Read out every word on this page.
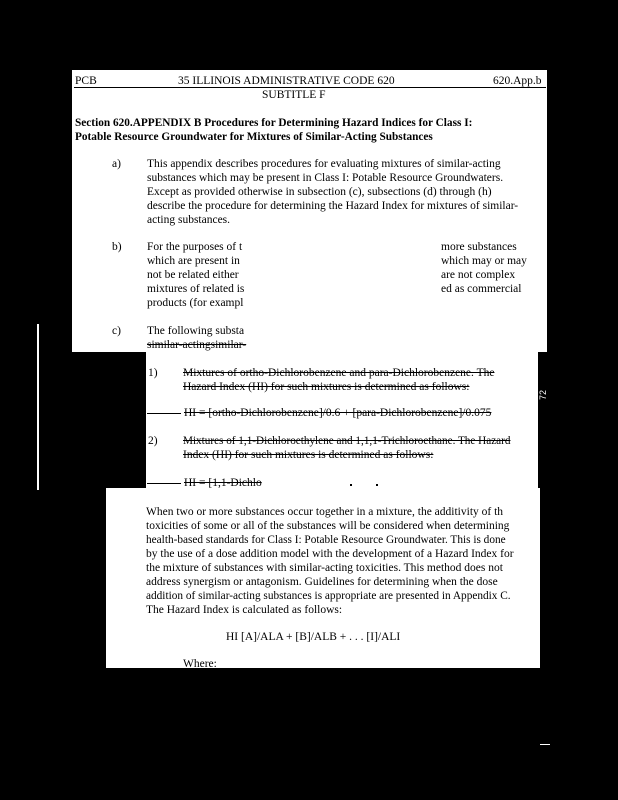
72
PCB	35 ILLINOIS ADMINISTRATIVE CODE 620	620.App.b
SUBTITLE F
Section 620.APPENDIX B Procedures for Determining Hazard Indices for Class I:
Potable Resource Groundwater for Mixtures of Similar-Acting Substances
a) This appendix describes procedures for evaluating mixtures of similar-acting
substances which may be present in Class I: Potable Resource Groundwaters.
Except as provided otherwise in subsection (c), subsections (d) through (h)
describe the procedure for determining the Hazard Index for mixtures of similar-
acting substances.
b) For the purposes of t
which are present in
not be related either
mixtures of related is
products (for exampl
more substances
which may or may
are not complex
ed as commercial
c) The following substa
similar-actingsimilar-
1) Mixtures of ortho-Dichlorobenzene and para-Dichlorobenzene. The
Hazard Index (HI) for such mixtures is determined as follows:
HI = [ortho-Dichlorobenzene]/0.6 + [para-Dichlorobenzene]/0.075
2) Mixtures of 1,1-Dichloroethylene and 1,1,1-Trichloroethane. The Hazard
Index (HI) for such mixtures is determined as follows:
HI = [1,1-Dichlo
3) When two or more substances occur together in a mixture, the additivity of th
toxicities of some or all of the substances will be considered when determining
health-based standards for Class I: Potable Resource Groundwater. This is done
by the use of a dose addition model with the development of a Hazard Index for
the mixture of substances with similar-acting toxicities. This method does not
address synergism or antagonism. Guidelines for determining when the dose
addition of similar-acting substances is appropriate are presented in Appendix C.
The Hazard Index is calculated as follows:
HI [A]/ALA + [B]/ALB + . . . [I]/ALI
Where:
